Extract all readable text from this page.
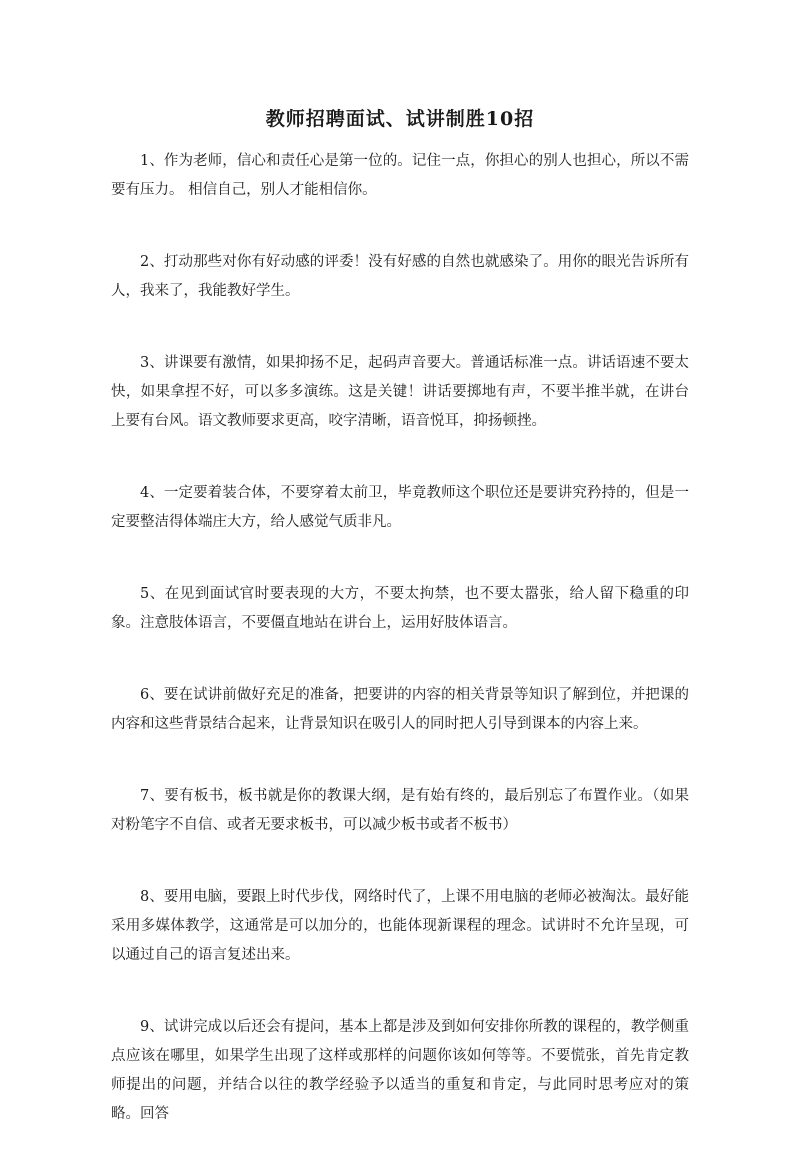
教师招聘面试、试讲制胜10招

1、作为老师，信心和责任心是第一位的。记住一点，你担心的别人也担心，所以不需要有压力。 相信自己，别人才能相信你。

2、打动那些对你有好动感的评委！没有好感的自然也就感染了。用你的眼光告诉所有人，我来了，我能教好学生。

3、讲课要有激情，如果抑扬不足，起码声音要大。普通话标准一点。讲话语速不要太快，如果拿捏不好，可以多多演练。这是关键！讲话要掷地有声，不要半推半就，在讲台上要有台风。语文教师要求更高，咬字清晰，语音悦耳，抑扬顿挫。

4、一定要着装合体，不要穿着太前卫，毕竟教师这个职位还是要讲究矜持的，但是一定要整洁得体端庄大方，给人感觉气质非凡。

5、在见到面试官时要表现的大方，不要太拘禁，也不要太嚣张，给人留下稳重的印象。注意肢体语言，不要僵直地站在讲台上，运用好肢体语言。

6、要在试讲前做好充足的准备，把要讲的内容的相关背景等知识了解到位，并把课的内容和这些背景结合起来，让背景知识在吸引人的同时把人引导到课本的内容上来。

7、要有板书，板书就是你的教课大纲，是有始有终的，最后别忘了布置作业。（如果对粉笔字不自信、或者无要求板书，可以减少板书或者不板书）

8、要用电脑，要跟上时代步伐，网络时代了，上课不用电脑的老师必被淘汰。最好能采用多媒体教学，这通常是可以加分的，也能体现新课程的理念。试讲时不允许呈现，可以通过自己的语言复述出来。

9、试讲完成以后还会有提问，基本上都是涉及到如何安排你所教的课程的，教学侧重点应该在哪里，如果学生出现了这样或那样的问题你该如何等等。不要慌张，首先肯定教师提出的问题，并结合以往的教学经验予以适当的重复和肯定，与此同时思考应对的策略。回答
